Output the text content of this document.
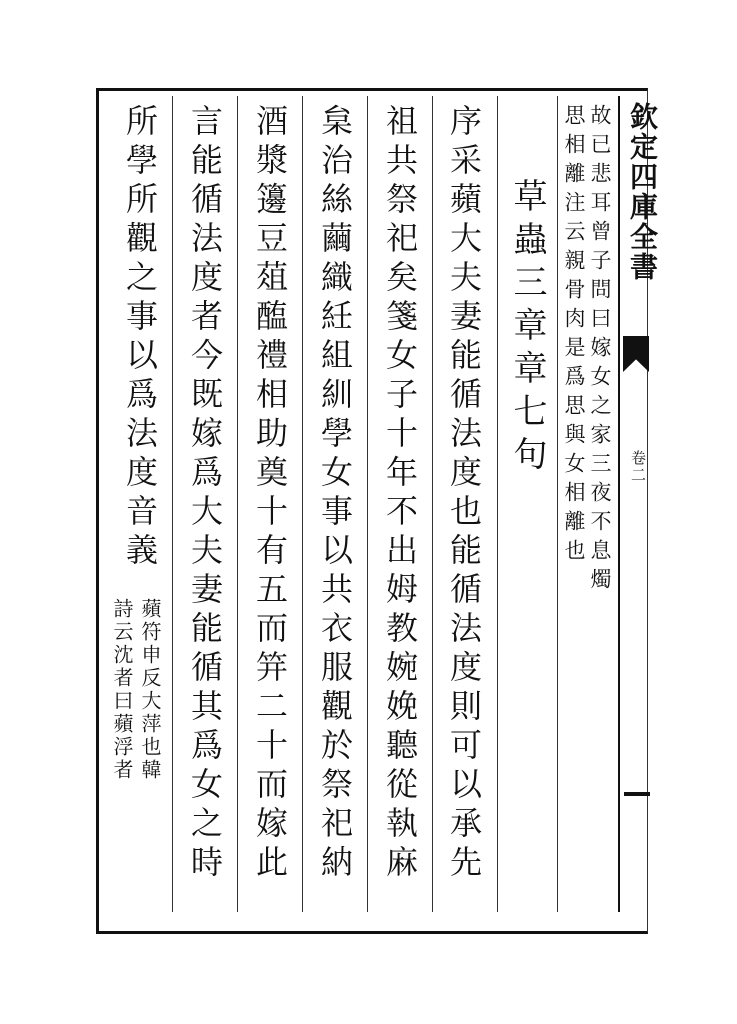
欽定四庫全書
卷二
故已悲耳曾子問曰嫁女之家三夜不息燭
思相離注云親骨肉是爲思與女相離也
草蟲三章章七句
序采蘋大夫妻能循法度也能循法度則可以承先
祖共祭祀矣箋女子十年不出姆教婉娩聽從執麻
枲治絲繭織紝組紃學女事以共衣服觀於祭祀納
酒漿籩豆葅醢禮相助奠十有五而笄二十而嫁此
言能循法度者今既嫁爲大夫妻能循其爲女之時
所學所觀之事以爲法度音義
蘋符申反大萍也韓
詩云沈者曰蘋浮者
